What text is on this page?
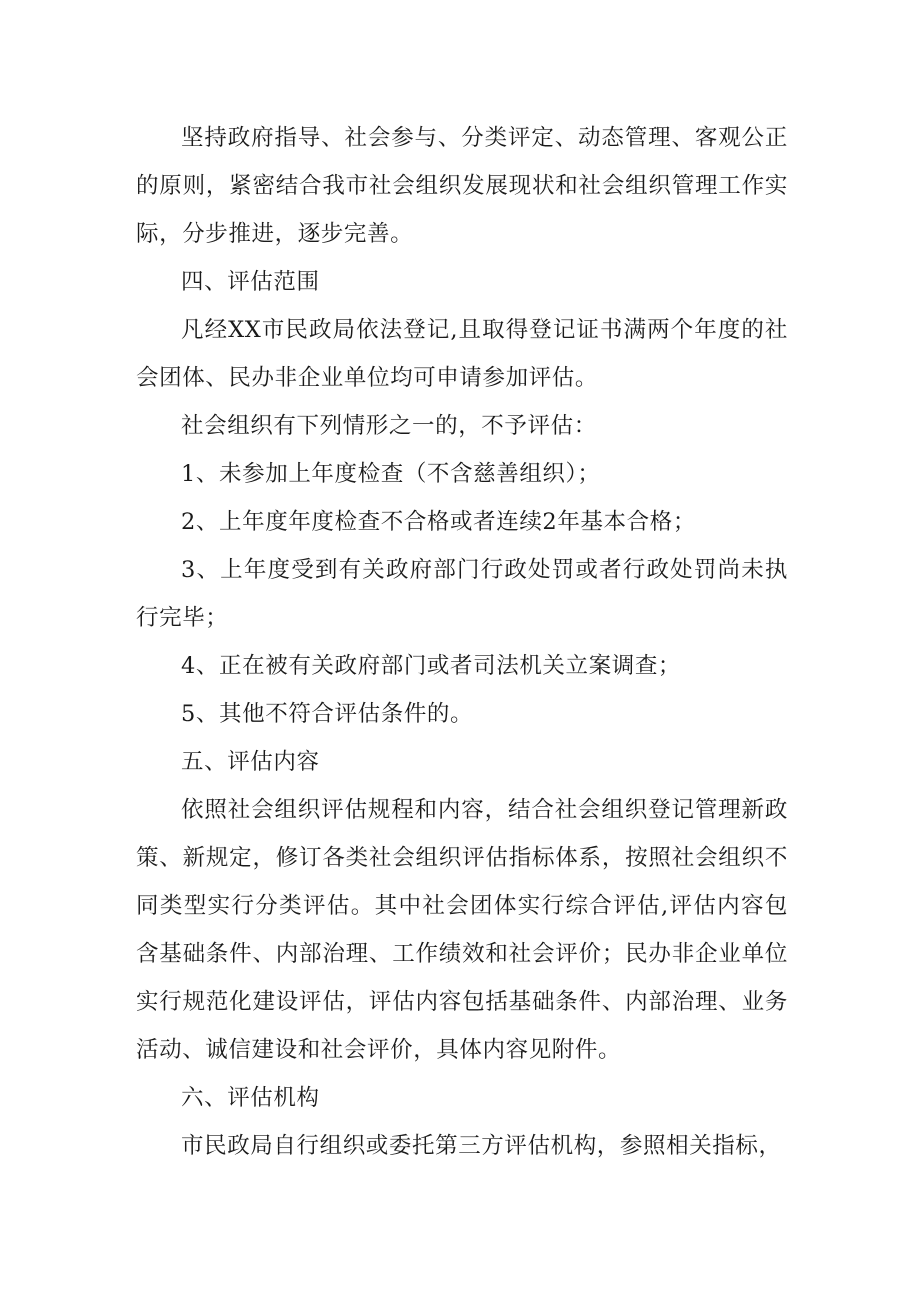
坚持政府指导、社会参与、分类评定、动态管理、客观公正的原则，紧密结合我市社会组织发展现状和社会组织管理工作实际，分步推进，逐步完善。

四、评估范围

凡经XX市民政局依法登记,且取得登记证书满两个年度的社会团体、民办非企业单位均可申请参加评估。

社会组织有下列情形之一的，不予评估：

1、未参加上年度检查（不含慈善组织）；

2、上年度年度检查不合格或者连续2年基本合格；

3、上年度受到有关政府部门行政处罚或者行政处罚尚未执行完毕；

4、正在被有关政府部门或者司法机关立案调查；

5、其他不符合评估条件的。

五、评估内容

依照社会组织评估规程和内容，结合社会组织登记管理新政策、新规定，修订各类社会组织评估指标体系，按照社会组织不同类型实行分类评估。其中社会团体实行综合评估,评估内容包含基础条件、内部治理、工作绩效和社会评价；民办非企业单位实行规范化建设评估，评估内容包括基础条件、内部治理、业务活动、诚信建设和社会评价，具体内容见附件。

六、评估机构

市民政局自行组织或委托第三方评估机构，参照相关指标，
